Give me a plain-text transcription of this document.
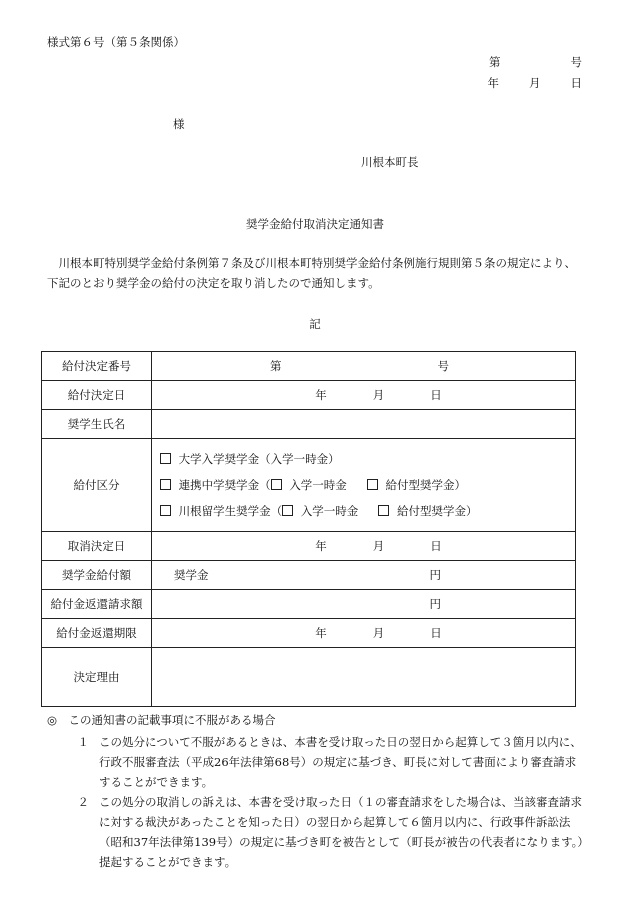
様式第６号（第５条関係）
第	号
年	月	日
様
川根本町長
奨学金給付取消決定通知書
川根本町特別奨学金給付条例第７条及び川根本町特別奨学金給付条例施行規則第５条の規定により、下記のとおり奨学金の給付の決定を取り消したので通知します。
記
給付決定番号	第 号

給付決定日	年 月 日

奨学生氏名	
給付区分	大学入学奨学金（入学一時金）
連携中学奨学金（ 入学一時金 給付型奨学金）
川根留学生奨学金（ 入学一時金 給付型奨学金）

取消決定日	年 月 日

奨学金給付額	奨学金 円

給付金返還請求額	円

給付金返還期限	年 月 日

決定理由	
◎　この通知書の記載事項に不服がある場合
１ この処分について不服があるときは、本書を受け取った日の翌日から起算して３箇月以内に、行政不服審査法（平成26年法律第68号）の規定に基づき、町長に対して書面により審査請求することができます。
２ この処分の取消しの訴えは、本書を受け取った日（１の審査請求をした場合は、当該審査請求に対する裁決があったことを知った日）の翌日から起算して６箇月以内に、行政事件訴訟法（昭和37年法律第139号）の規定に基づき町を被告として（町長が被告の代表者になります。）提起することができます。
